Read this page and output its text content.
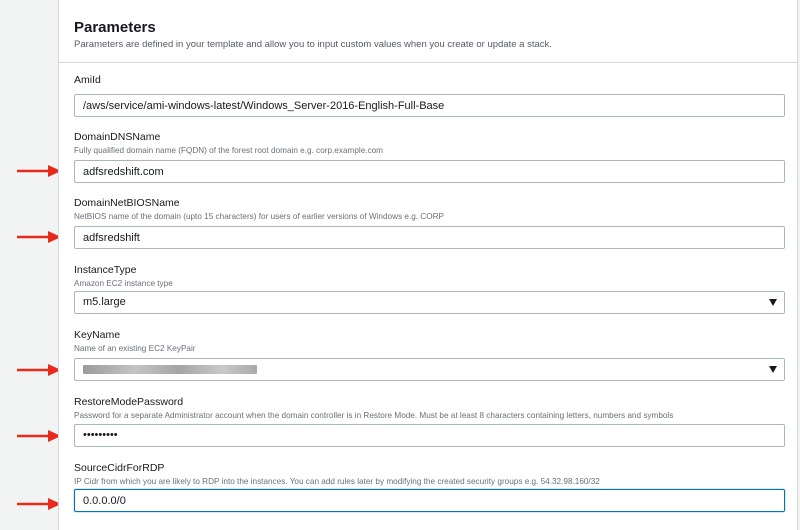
Parameters
Parameters are defined in your template and allow you to input custom values when you create or update a stack.
AmiId
/aws/service/ami-windows-latest/Windows_Server-2016-English-Full-Base
DomainDNSName
Fully qualified domain name (FQDN) of the forest root domain e.g. corp.example.com
adfsredshift.com
DomainNetBIOSName
NetBIOS name of the domain (upto 15 characters) for users of earlier versions of Windows e.g. CORP
adfsredshift
InstanceType
Amazon EC2 instance type
m5.large
KeyName
Name of an existing EC2 KeyPair
RestoreModePassword
Password for a separate Administrator account when the domain controller is in Restore Mode. Must be at least 8 characters containing letters, numbers and symbols
•••••••••
SourceCidrForRDP
IP Cidr from which you are likely to RDP into the instances. You can add rules later by modifying the created security groups e.g. 54.32.98.160/32
0.0.0.0/0
